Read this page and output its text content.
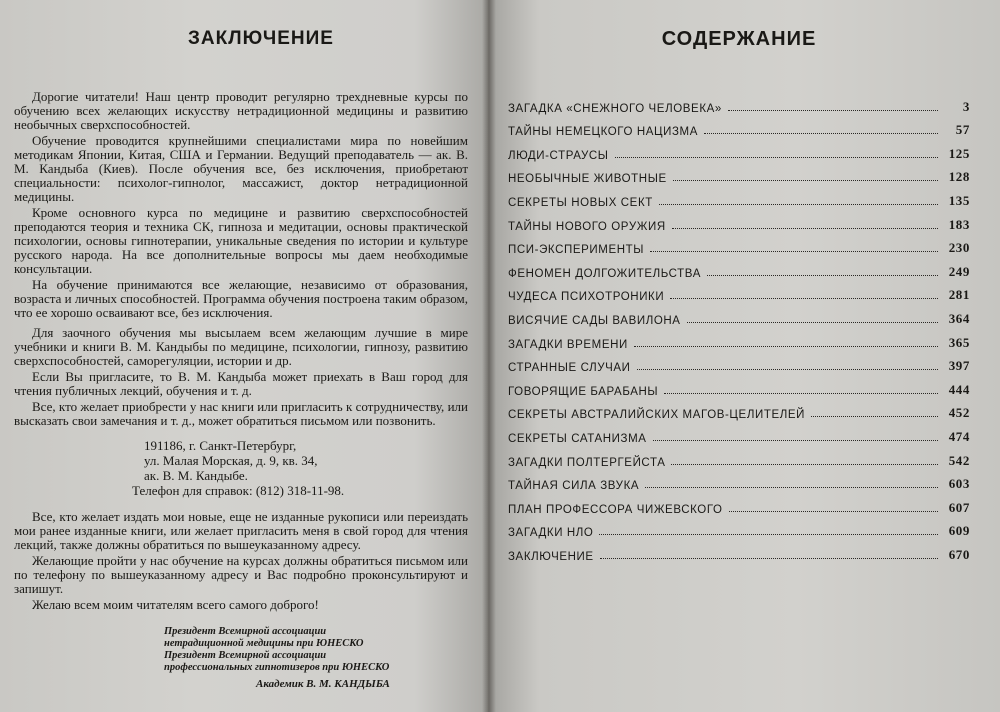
ЗАКЛЮЧЕНИЕ

Дорогие читатели! Наш центр проводит регулярно трехдневные курсы по обучению всех желающих искусству нетрадиционной медицины и развитию необычных сверхспособностей.

Обучение проводится крупнейшими специалистами мира по новейшим методикам Японии, Китая, США и Германии. Ведущий преподаватель — ак. В. М. Кандыба (Киев). После обучения все, без исключения, приобретают специальности: психолог-гипнолог, массажист, доктор нетрадиционной медицины.

Кроме основного курса по медицине и развитию сверхспособностей преподаются теория и техника СК, гипноза и медитации, основы практической психологии, основы гипнотерапии, уникальные сведения по истории и культуре русского народа. На все дополнительные вопросы мы даем необходимые консультации.

На обучение принимаются все желающие, независимо от образования, возраста и личных способностей. Программа обучения построена таким образом, что ее хорошо осваивают все, без исключения.

Для заочного обучения мы высылаем всем желающим лучшие в мире учебники и книги В. М. Кандыбы по медицине, психологии, гипнозу, развитию сверхспособностей, саморегуляции, истории и др.

Если Вы пригласите, то В. М. Кандыба может приехать в Ваш город для чтения публичных лекций, обучения и т. д.

Все, кто желает приобрести у нас книги или пригласить к сотрудничеству, или высказать свои замечания и т. д., может обратиться письмом или позвонить.

191186, г. Санкт-Петербург,
ул. Малая Морская, д. 9, кв. 34,
ак. В. М. Кандыбе.
Телефон для справок: (812) 318-11-98.

Все, кто желает издать мои новые, еще не изданные рукописи или переиздать мои ранее изданные книги, или желает пригласить меня в свой город для чтения лекций, также должны обратиться по вышеуказанному адресу.

Желающие пройти у нас обучение на курсах должны обратиться письмом или по телефону по вышеуказанному адресу и Вас подробно проконсультируют и запишут.

Желаю всем моим читателям всего самого доброго!

Президент Всемирной ассоциации
нетрадиционной медицины при ЮНЕСКО
Президент Всемирной ассоциации
профессиональных гипнотизеров при ЮНЕСКО
Академик В. М. КАНДЫБА
СОДЕРЖАНИЕ
ЗАГАДКА «СНЕЖНОГО ЧЕЛОВЕКА»	3
ТАЙНЫ НЕМЕЦКОГО НАЦИЗМА	57
ЛЮДИ-СТРАУСЫ	125
НЕОБЫЧНЫЕ ЖИВОТНЫЕ	128
СЕКРЕТЫ НОВЫХ СЕКТ	135
ТАЙНЫ НОВОГО ОРУЖИЯ	183
ПСИ-ЭКСПЕРИМЕНТЫ	230
ФЕНОМЕН ДОЛГОЖИТЕЛЬСТВА	249
ЧУДЕСА ПСИХОТРОНИКИ	281
ВИСЯЧИЕ САДЫ ВАВИЛОНА	364
ЗАГАДКИ ВРЕМЕНИ	365
СТРАННЫЕ СЛУЧАИ	397
ГОВОРЯЩИЕ БАРАБАНЫ	444
СЕКРЕТЫ АВСТРАЛИЙСКИХ МАГОВ-ЦЕЛИТЕЛЕЙ	452
СЕКРЕТЫ САТАНИЗМА	474
ЗАГАДКИ ПОЛТЕРГЕЙСТА	542
ТАЙНАЯ СИЛА ЗВУКА	603
ПЛАН ПРОФЕССОРА ЧИЖЕВСКОГО	607
ЗАГАДКИ НЛО	609
ЗАКЛЮЧЕНИЕ	670
